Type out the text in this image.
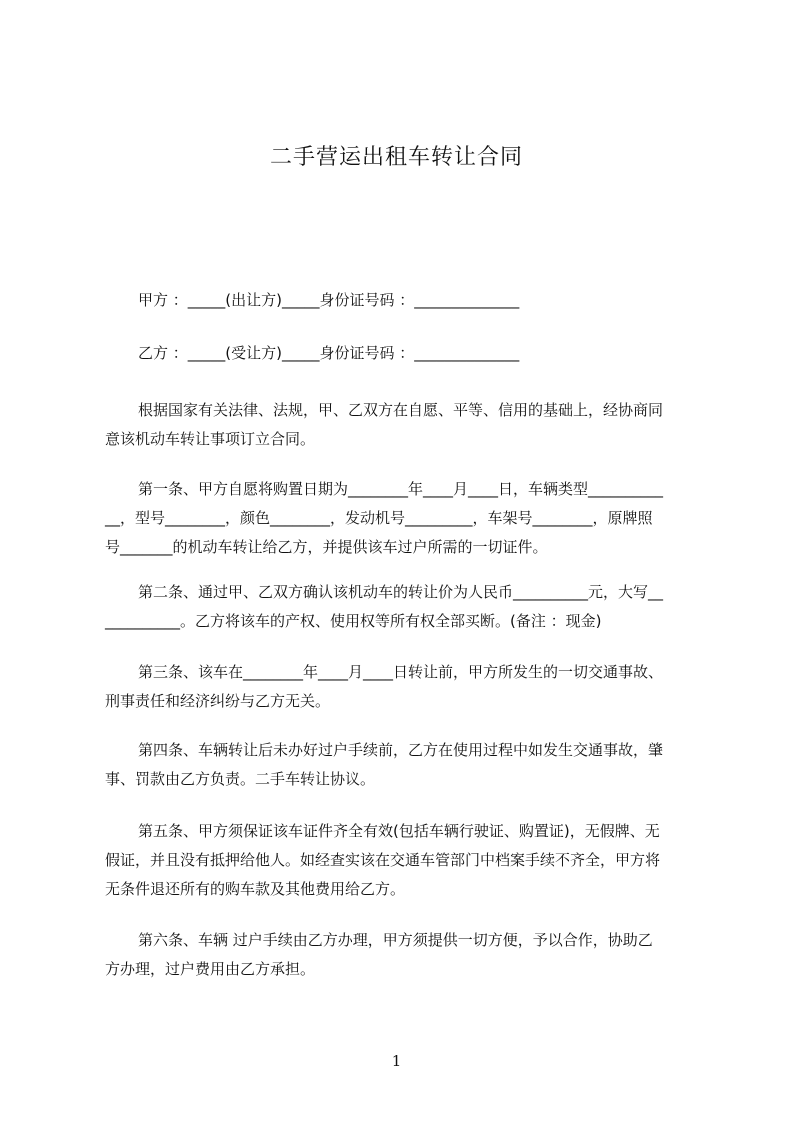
二手营运出租车转让合同
甲方 ：_____(出让方)_____身份证号码 ：______________
乙方 ：_____(受让方)_____身份证号码 ：______________
根据国家有关法律、法规，甲、乙双方在自愿、平等、信用的基础上，经协商同
意该机动车转让事项订立合同。
第一条、甲方自愿将购置日期为________年____月____日，车辆类型__________
__，型号________，颜色________，发动机号_________，车架号________，原牌照
号_______的机动车转让给乙方，并提供该车过户所需的一切证件。
第二条、通过甲、乙双方确认该机动车的转让价为人民币__________元，大写__
__________。乙方将该车的产权、使用权等所有权全部买断。(备注 ：现金)
第三条、该车在________年____月____日转让前，甲方所发生的一切交通事故、
刑事责任和经济纠纷与乙方无关。
第四条、车辆转让后未办好过户手续前，乙方在使用过程中如发生交通事故，肇
事、罚款由乙方负责。二手车转让协议。
第五条、甲方须保证该车证件齐全有效(包括车辆行驶证、购置证)，无假牌、无
假证，并且没有抵押给他人。如经查实该在交通车管部门中档案手续不齐全，甲方将
无条件退还所有的购车款及其他费用给乙方。
第六条、车辆 过户手续由乙方办理，甲方须提供一切方便，予以合作，协助乙
方办理，过户费用由乙方承担。
1
